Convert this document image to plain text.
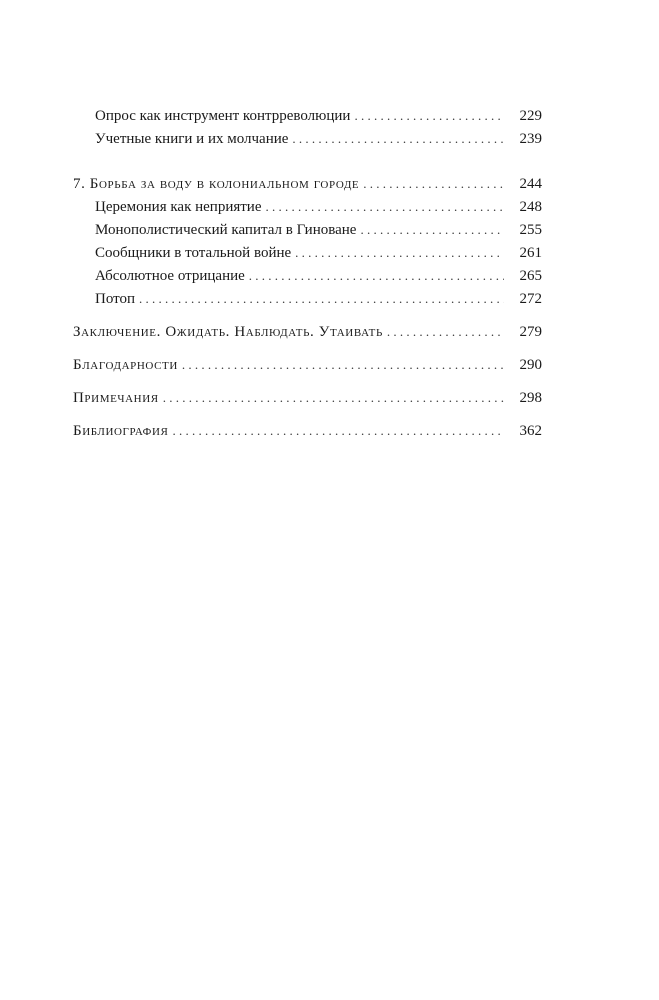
Опрос как инструмент контрреволюции . . .	229
Учетные книги и их молчание . . .	239
7. Борьба за воду в колониальном городе . . .	244
Церемония как неприятие . . .	248
Монополистический капитал в Гиноване . . .	255
Сообщники в тотальной войне . . .	261
Абсолютное отрицание . . .	265
Потоп . . .	272
Заключение. Ожидать. Наблюдать. Утаивать . . .	279
Благодарности . . .	290
Примечания . . .	298
Библиография . . .	362
